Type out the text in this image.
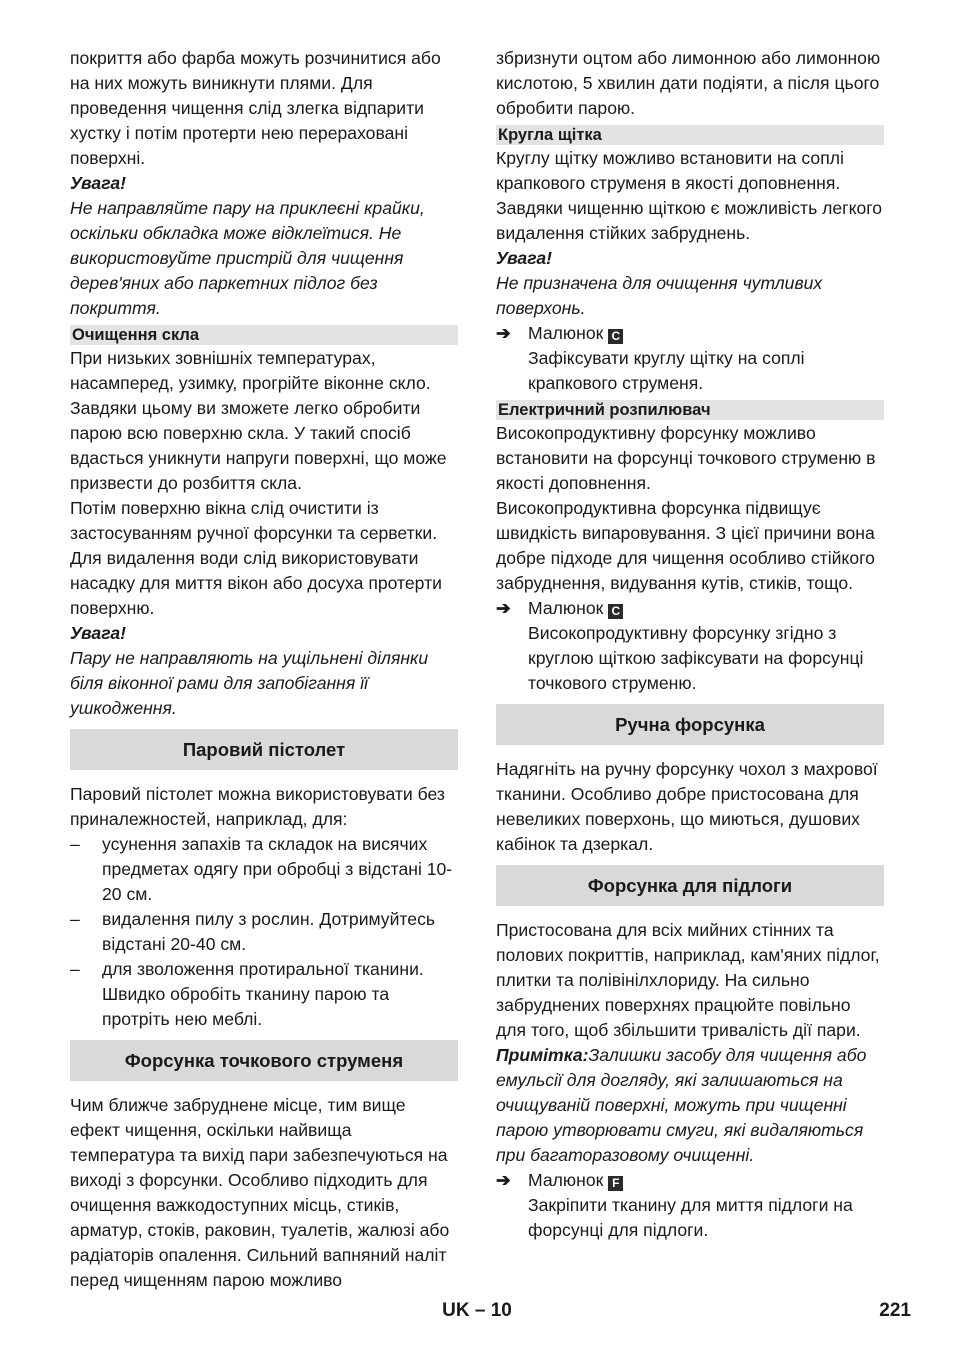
покриття або фарба можуть розчинитися або на них можуть виникнути плями. Для проведення чищення слід злегка відпарити хустку і потім протерти нею перераховані поверхні.

Увага!

Не направляйте пару на приклеєні крайки, оскільки обкладка може відклеїтися. Не використовуйте пристрій для чищення дерев'яних або паркетних підлог без покриття.

Очищення скла

При низьких зовнішніх температурах, насамперед, узимку, прогрійте віконне скло. Завдяки цьому ви зможете легко обробити парою всю поверхню скла. У такий спосіб вдасться уникнути напруги поверхні, що може призвести до розбиття скла.

Потім поверхню вікна слід очистити із застосуванням ручної форсунки та серветки. Для видалення води слід використовувати насадку для миття вікон або досуха протерти поверхню.

Увага!

Пару не направляють на ущільнені ділянки біля віконної рами для запобігання її ушкодження.

Паровий пістолет

Паровий пістолет можна використовувати без приналежностей, наприклад, для:

–	усунення запахів та складок на висячих предметах одягу при обробці з відстані 10-20 см.
–	видалення пилу з рослин. Дотримуйтесь відстані 20-40 см.
–	для зволоження протиральної тканини. Швидко обробіть тканину парою та протріть нею меблі.
Форсунка точкового струменя

Чим ближче забруднене місце, тим вище ефект чищення, оскільки найвища температура та вихід пари забезпечуються на виході з форсунки. Особливо підходить для очищення важкодоступних місць, стиків, арматур, стоків, раковин, туалетів, жалюзі або радіаторів опалення. Сильний вапняний наліт перед чищенням парою можливо

збризнути оцтом або лимонною або лимонною кислотою, 5 хвилин дати подіяти, а після цього обробити парою.

Кругла щітка

Круглу щітку можливо встановити на соплі крапкового струменя в якості доповнення. Завдяки чищенню щіткою є можливість легкого видалення стійких забруднень.

Увага!

Не призначена для очищення чутливих поверхонь.

➔ Малюнок C

Зафіксувати круглу щітку на соплі крапкового струменя.

Електричний розпилювач

Високопродуктивну форсунку можливо встановити на форсунці точкового струменю в якості доповнення.

Високопродуктивна форсунка підвищує швидкість випаровування. З цієї причини вона добре підходе для чищення особливо стійкого забруднення, видування кутів, стиків, тощо.

➔ Малюнок C

Високопродуктивну форсунку згідно з круглою щіткою зафіксувати на форсунці точкового струменю.

Ручна форсунка

Надягніть на ручну форсунку чохол з махрової тканини. Особливо добре пристосована для невеликих поверхонь, що миються, душових кабінок та дзеркал.

Форсунка для підлоги

Пристосована для всіх мийних стінних та полових покриттів, наприклад, кам'яних підлог, плитки та полівінілхлориду. На сильно забруднених поверхнях працюйте повільно для того, щоб збільшити тривалість дії пари.

Примітка:Залишки засобу для чищення або емульсії для догляду, які залишаються на очищуваній поверхні, можуть при чищенні парою утворювати смуги, які видаляються при багаторазовому очищенні.

➔ Малюнок F

Закріпити тканину для миття підлоги на форсунці для підлоги.

UK – 10	221
